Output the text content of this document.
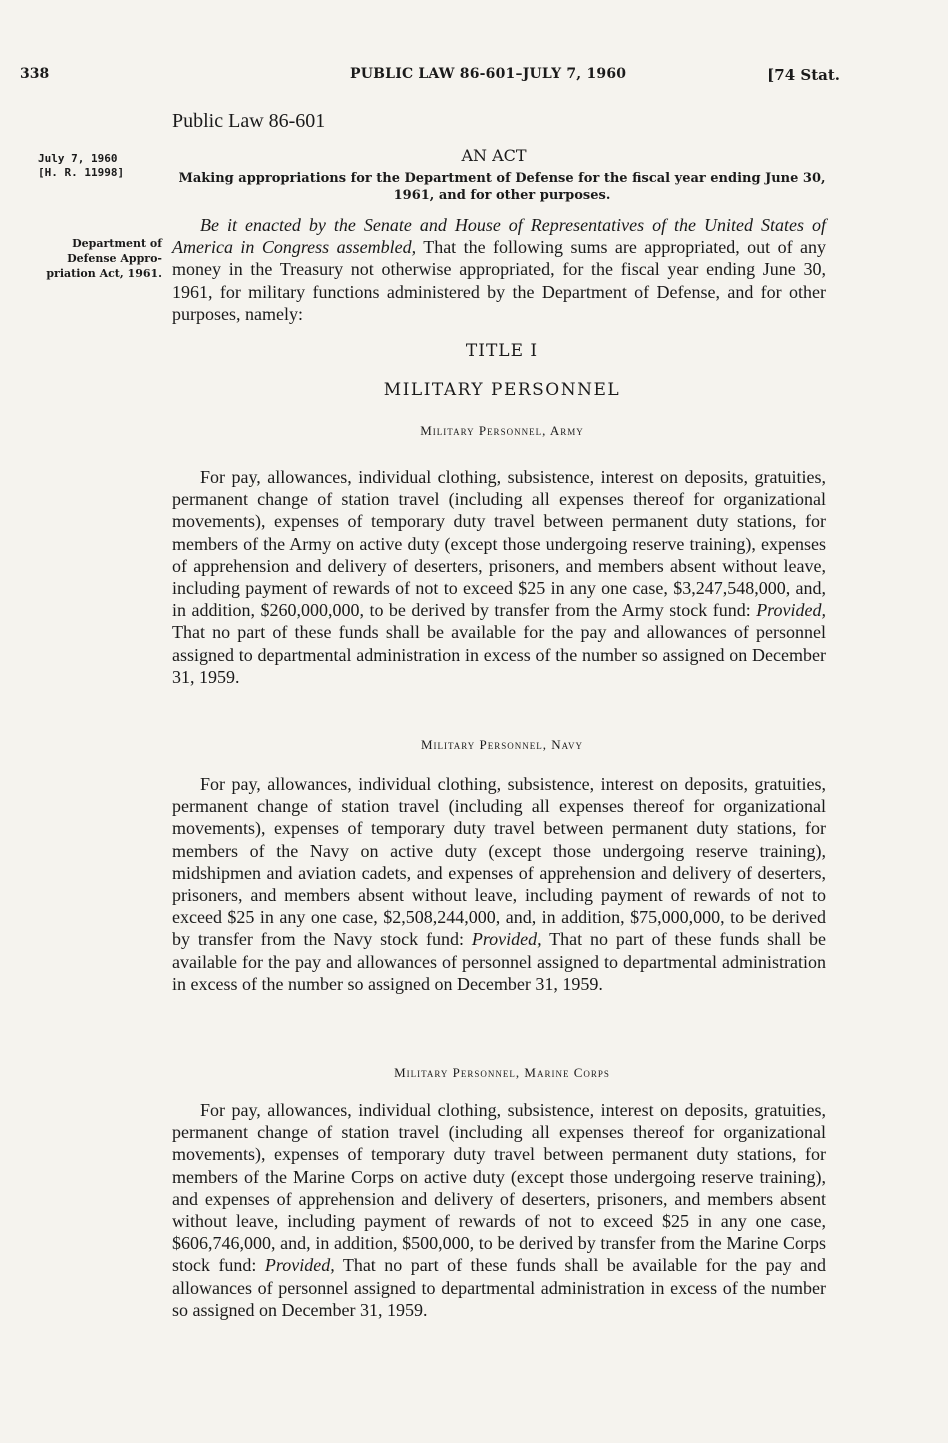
338	PUBLIC LAW 86-601–JULY 7, 1960	[74 Stat.
Public Law 86-601
AN ACT
July 7, 1960
[H. R. 11998]	Making appropriations for the Department of Defense for the fiscal year ending June 30, 1961, and for other purposes.
Department of
Defense Appro-
priation Act, 1961.
Be it enacted by the Senate and House of Representatives of the United States of America in Congress assembled, That the following sums are appropriated, out of any money in the Treasury not otherwise appropriated, for the fiscal year ending June 30, 1961, for military functions administered by the Department of Defense, and for other purposes, namely:
TITLE I
MILITARY PERSONNEL
Military Personnel, Army
For pay, allowances, individual clothing, subsistence, interest on deposits, gratuities, permanent change of station travel (including all expenses thereof for organizational movements), expenses of temporary duty travel between permanent duty stations, for members of the Army on active duty (except those undergoing reserve training), expenses of apprehension and delivery of deserters, prisoners, and members absent without leave, including payment of rewards of not to exceed $25 in any one case, $3,247,548,000, and, in addition, $260,000,000, to be derived by transfer from the Army stock fund: Provided, That no part of these funds shall be available for the pay and allowances of personnel assigned to departmental administration in excess of the number so assigned on December 31, 1959.
Military Personnel, Navy
For pay, allowances, individual clothing, subsistence, interest on deposits, gratuities, permanent change of station travel (including all expenses thereof for organizational movements), expenses of temporary duty travel between permanent duty stations, for members of the Navy on active duty (except those undergoing reserve training), midshipmen and aviation cadets, and expenses of apprehension and delivery of deserters, prisoners, and members absent without leave, including payment of rewards of not to exceed $25 in any one case, $2,508,244,000, and, in addition, $75,000,000, to be derived by transfer from the Navy stock fund: Provided, That no part of these funds shall be available for the pay and allowances of personnel assigned to departmental administration in excess of the number so assigned on December 31, 1959.
Military Personnel, Marine Corps
For pay, allowances, individual clothing, subsistence, interest on deposits, gratuities, permanent change of station travel (including all expenses thereof for organizational movements), expenses of temporary duty travel between permanent duty stations, for members of the Marine Corps on active duty (except those undergoing reserve training), and expenses of apprehension and delivery of deserters, prisoners, and members absent without leave, including payment of rewards of not to exceed $25 in any one case, $606,746,000, and, in addition, $500,000, to be derived by transfer from the Marine Corps stock fund: Provided, That no part of these funds shall be available for the pay and allowances of personnel assigned to departmental administration in excess of the number so assigned on December 31, 1959.
